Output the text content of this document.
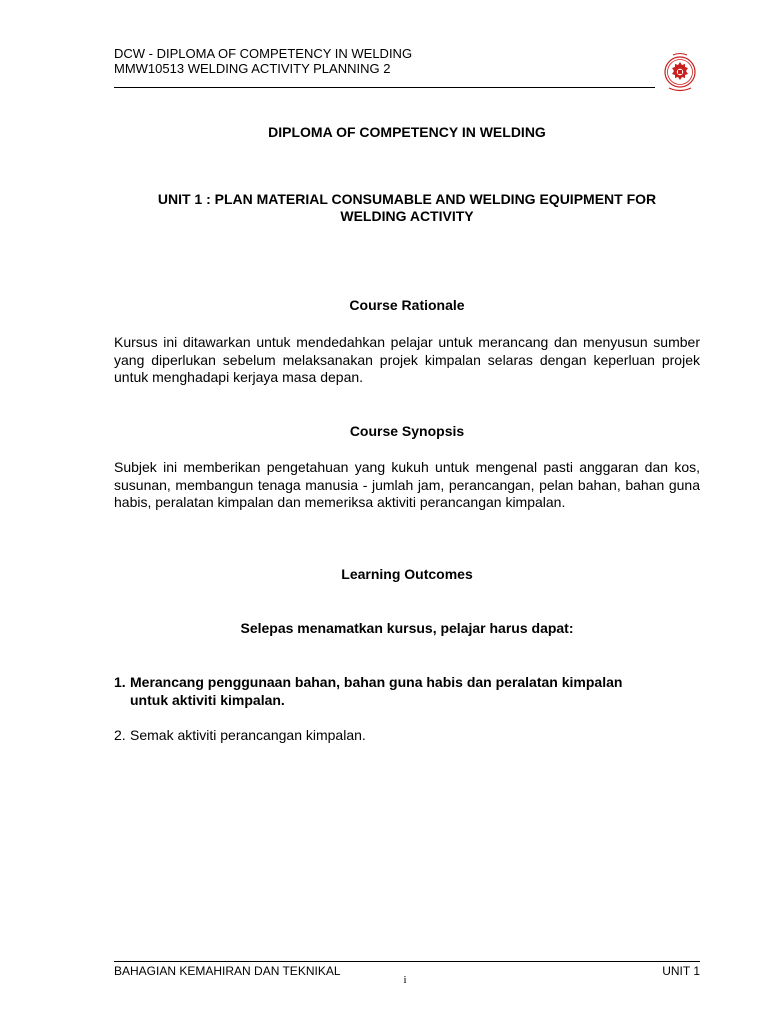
DCW - DIPLOMA OF COMPETENCY IN WELDING
MMW10513 WELDING ACTIVITY PLANNING 2
DIPLOMA OF COMPETENCY IN WELDING
UNIT 1 : PLAN MATERIAL CONSUMABLE AND WELDING EQUIPMENT FOR
WELDING ACTIVITY
Course Rationale
Kursus ini ditawarkan untuk mendedahkan pelajar untuk merancang dan menyusun sumber yang diperlukan sebelum melaksanakan projek kimpalan selaras dengan keperluan projek untuk menghadapi kerjaya masa depan.
Course Synopsis
Subjek ini memberikan pengetahuan yang kukuh untuk mengenal pasti anggaran dan kos, susunan, membangun tenaga manusia - jumlah jam, perancangan, pelan bahan, bahan guna habis, peralatan kimpalan dan memeriksa aktiviti perancangan kimpalan.
Learning Outcomes
Selepas menamatkan kursus, pelajar harus dapat:
1. Merancang penggunaan bahan, bahan guna habis dan peralatan kimpalan
untuk aktiviti kimpalan.
2. Semak aktiviti perancangan kimpalan.
BAHAGIAN KEMAHIRAN DAN TEKNIKAL
i
UNIT 1
